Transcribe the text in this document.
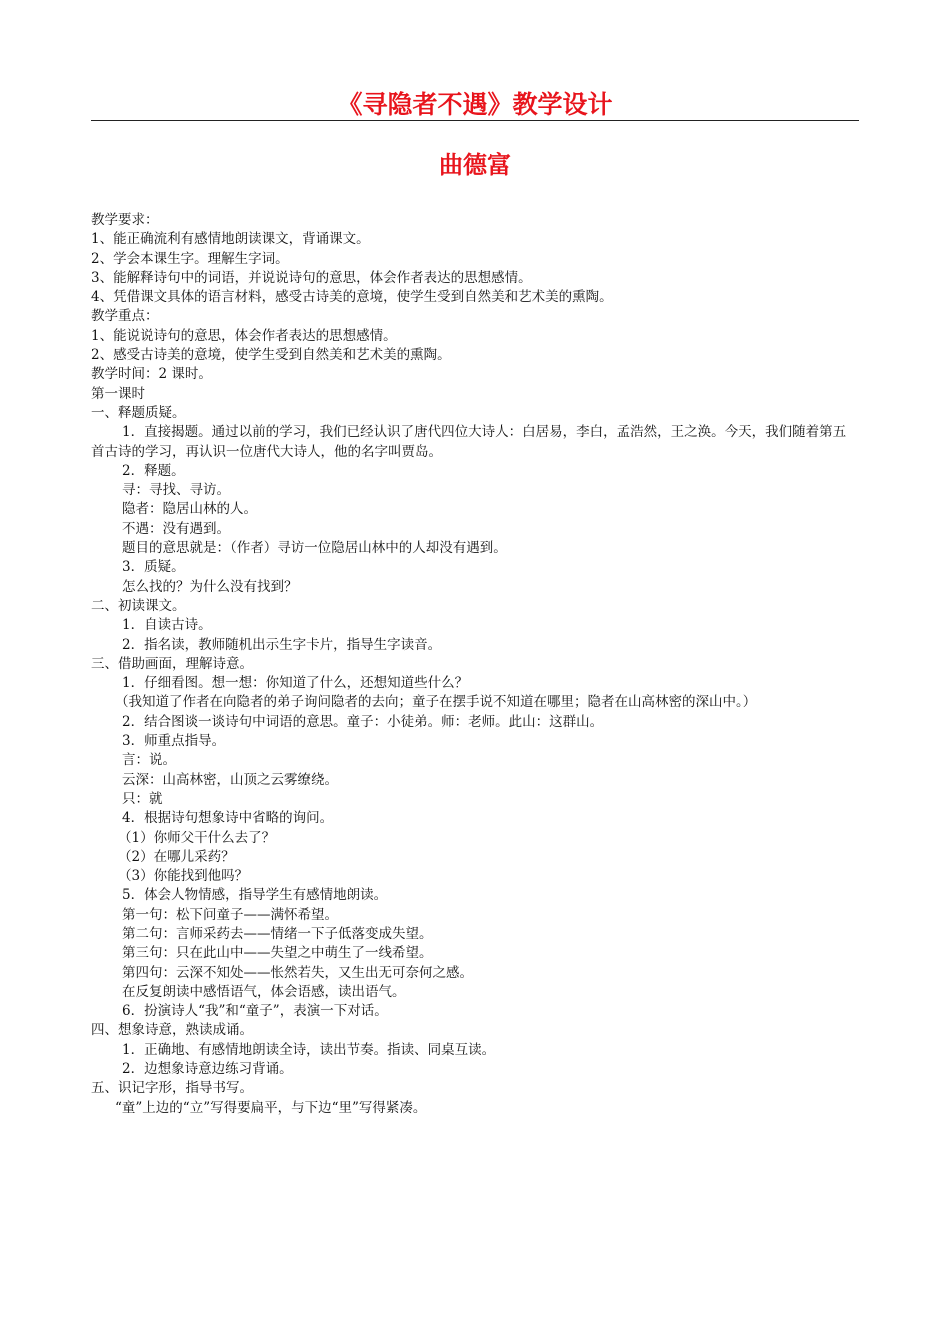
《寻隐者不遇》教学设计
曲德富

教学要求：

1、能正确流利有感情地朗读课文，背诵课文。

2、学会本课生字。理解生字词。

3、能解释诗句中的词语，并说说诗句的意思，体会作者表达的思想感情。

4、凭借课文具体的语言材料，感受古诗美的意境，使学生受到自然美和艺术美的熏陶。

教学重点：

1、能说说诗句的意思，体会作者表达的思想感情。

2、感受古诗美的意境，使学生受到自然美和艺术美的熏陶。

教学时间：2 课时。

第一课时

一、释题质疑。

1．直接揭题。通过以前的学习，我们已经认识了唐代四位大诗人：白居易，李白，孟浩然，王之涣。今天，我们随着第五首古诗的学习，再认识一位唐代大诗人，他的名字叫贾岛。

2．释题。

寻：寻找、寻访。

隐者：隐居山林的人。

不遇：没有遇到。

题目的意思就是：（作者）寻访一位隐居山林中的人却没有遇到。

3．质疑。

怎么找的？为什么没有找到？

二、初读课文。

1．自读古诗。

2．指名读，教师随机出示生字卡片，指导生字读音。

三、借助画面，理解诗意。

1．仔细看图。想一想：你知道了什么，还想知道些什么？

（我知道了作者在向隐者的弟子询问隐者的去向；童子在摆手说不知道在哪里；隐者在山高林密的深山中。）

2．结合图谈一谈诗句中词语的意思。童子：小徒弟。师：老师。此山：这群山。

3．师重点指导。

言：说。

云深：山高林密，山顶之云雾缭绕。

只：就

4．根据诗句想象诗中省略的询问。

（1）你师父干什么去了？

（2）在哪儿采药？

（3）你能找到他吗？

5．体会人物情感，指导学生有感情地朗读。

第一句：松下问童子——满怀希望。

第二句：言师采药去——情绪一下子低落变成失望。

第三句：只在此山中——失望之中萌生了一线希望。

第四句：云深不知处——怅然若失，又生出无可奈何之感。

在反复朗读中感悟语气，体会语感，读出语气。

6．扮演诗人“我”和“童子”，表演一下对话。

四、想象诗意，熟读成诵。

1．正确地、有感情地朗读全诗，读出节奏。指读、同桌互读。

2．边想象诗意边练习背诵。

五、识记字形，指导书写。

“童”上边的“立”写得要扁平，与下边“里”写得紧凑。
